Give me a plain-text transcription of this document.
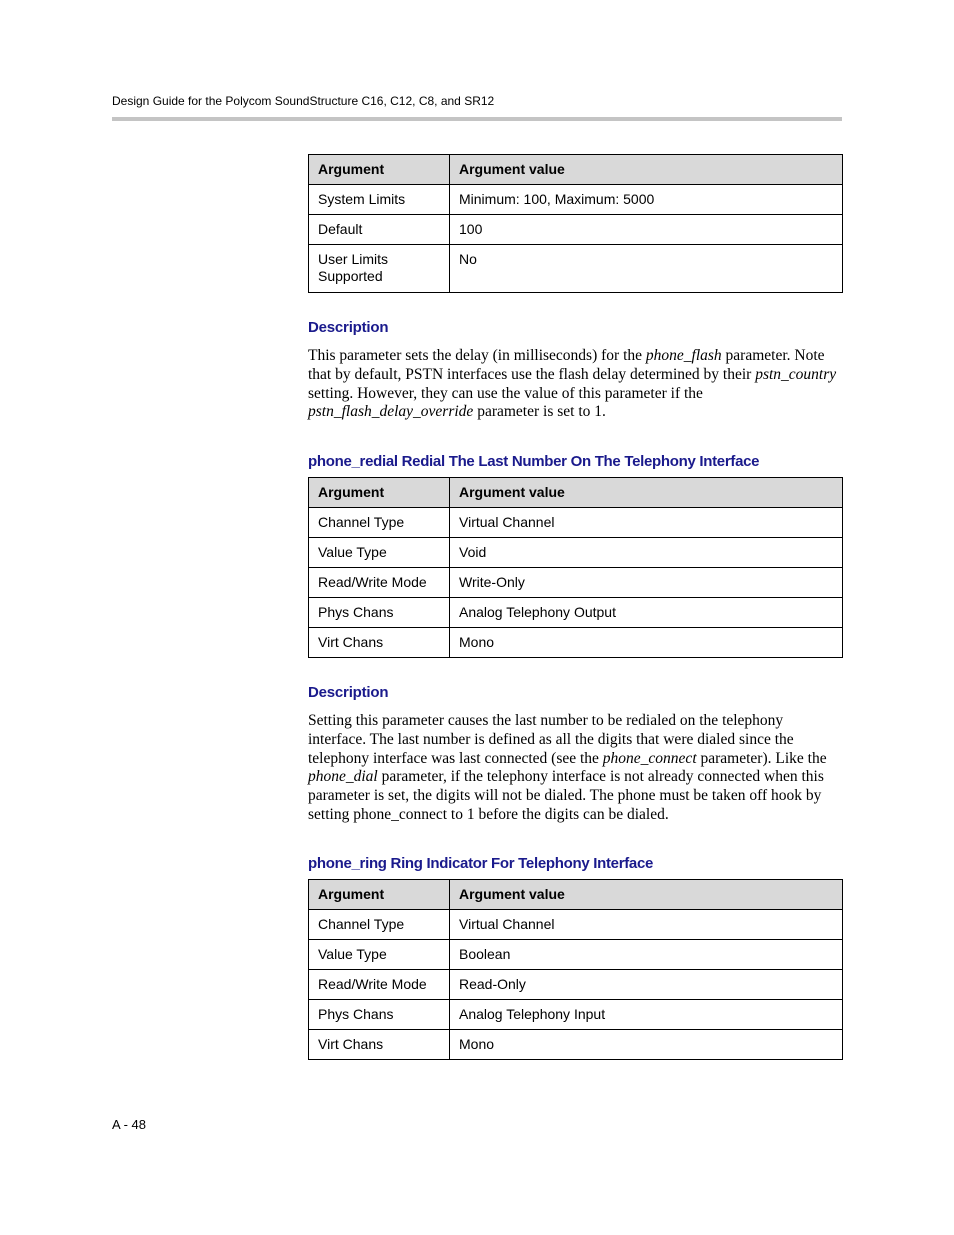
Design Guide for the Polycom SoundStructure C16, C12, C8, and SR12
Argument	Argument value
System Limits	Minimum: 100, Maximum: 5000
Default	100
User Limits Supported	No
Description

This parameter sets the delay (in milliseconds) for the phone_flash parameter. Note that by default, PSTN interfaces use the flash delay determined by their pstn_country setting. However, they can use the value of this parameter if the pstn_flash_delay_override parameter is set to 1.

phone_redial Redial The Last Number On The Telephony Interface
Argument	Argument value
Channel Type	Virtual Channel
Value Type	Void
Read/Write Mode	Write-Only
Phys Chans	Analog Telephony Output
Virt Chans	Mono
Description

Setting this parameter causes the last number to be redialed on the telephony interface. The last number is defined as all the digits that were dialed since the telephony interface was last connected (see the phone_connect parameter). Like the phone_dial parameter, if the telephony interface is not already connected when this parameter is set, the digits will not be dialed. The phone must be taken off hook by setting phone_connect to 1 before the digits can be dialed.

phone_ring Ring Indicator For Telephony Interface
Argument	Argument value
Channel Type	Virtual Channel
Value Type	Boolean
Read/Write Mode	Read-Only
Phys Chans	Analog Telephony Input
Virt Chans	Mono
A - 48
